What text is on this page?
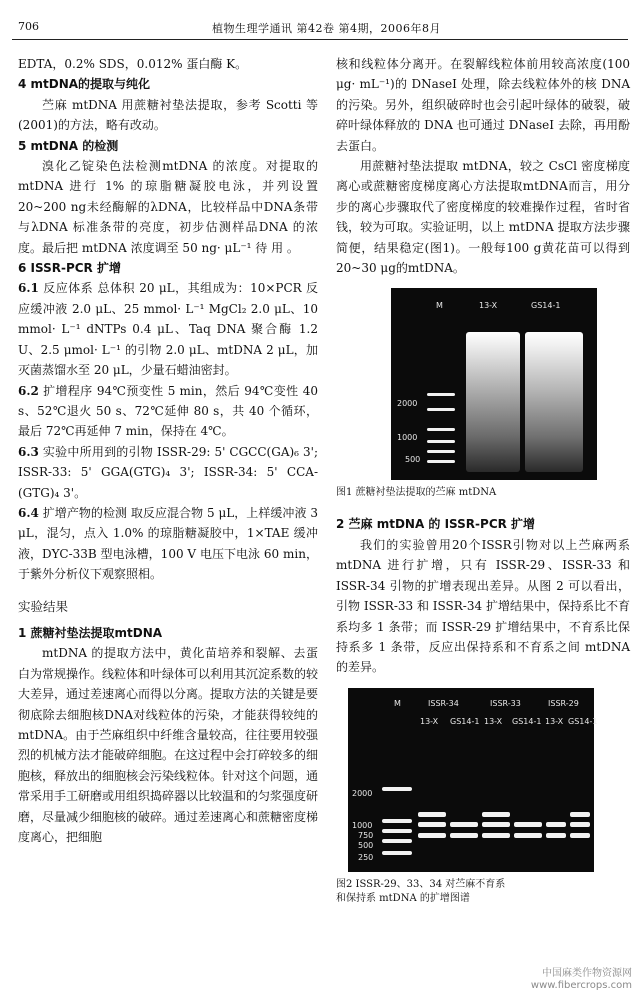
706	植物生理学通讯 第42卷 第4期，2006年8月

EDTA，0.2% SDS，0.012% 蛋白酶 K。

4 mtDNA的提取与纯化

苎麻 mtDNA 用蔗糖衬垫法提取，参考 Scotti 等(2001)的方法，略有改动。

5 mtDNA 的检测

溴化乙锭染色法检测mtDNA 的浓度。对提取的 mtDNA 进行 1% 的琼脂糖凝胶电泳，并列设置20~200 ng未经酶解的λDNA，比较样品中DNA条带与λDNA 标准条带的亮度，初步估测样品DNA 的浓度。最后把 mtDNA 浓度调至 50 ng· μL⁻¹ 待 用 。

6 ISSR-PCR 扩增

6.1 反应体系 总体积 20 μL，其组成为：10×PCR 反应缓冲液 2.0 μL、25 mmol· L⁻¹ MgCl₂ 2.0 μL、10 mmol· L⁻¹ dNTPs 0.4 μL、Taq DNA 聚合酶 1.2 U、2.5 μmol· L⁻¹ 的引物 2.0 μL、mtDNA 2 μL，加灭菌蒸馏水至 20 μL，少量石蜡油密封。

6.2 扩增程序 94℃预变性 5 min，然后 94℃变性 40 s、52℃退火 50 s、72℃延伸 80 s，共 40 个循环，最后 72℃再延伸 7 min，保持在 4℃。

6.3 实验中所用到的引物 ISSR-29: 5' CGCC(GA)₆ 3'; ISSR-33: 5' GGA(GTG)₄ 3'; ISSR-34: 5' CCA-(GTG)₄ 3'。

6.4 扩增产物的检测 取反应混合物 5 μL，上样缓冲液 3 μL，混匀，点入 1.0% 的琼脂糖凝胶中，1×TAE 缓冲液，DYC-33B 型电泳槽，100 V 电压下电泳 60 min，于紫外分析仪下观察照相。

实验结果

1 蔗糖衬垫法提取mtDNA

mtDNA 的提取方法中，黄化苗培养和裂解、去蛋白为常规操作。线粒体和叶绿体可以利用其沉淀系数的较大差异，通过差速离心而得以分离。提取方法的关键是要彻底除去细胞核DNA对线粒体的污染，才能获得较纯的 mtDNA。由于苎麻组织中纤维含量较高，往往要用较强烈的机械方法才能破碎细胞。在这过程中会打碎较多的细胞核，释放出的细胞核会污染线粒体。针对这个问题，通常采用手工研磨或用组织捣碎器以比较温和的匀浆强度研磨，尽量减少细胞核的破碎。通过差速离心和蔗糖密度梯度离心，把细胞

核和线粒体分离开。在裂解线粒体前用较高浓度(100 μg· mL⁻¹)的 DNaseI 处理，除去线粒体外的核 DNA 的污染。另外，组织破碎时也会引起叶绿体的破裂，破碎叶绿体释放的 DNA 也可通过 DNaseI 去除，再用酚去蛋白。

用蔗糖衬垫法提取 mtDNA，较之 CsCl 密度梯度离心或蔗糖密度梯度离心方法提取mtDNA而言，用分步的离心步骤取代了密度梯度的较难操作过程，省时省钱，较为可取。实验证明，以上 mtDNA 提取方法步骤简便，结果稳定(图1)。一般每100 g黄花苗可以得到20~30 μg的mtDNA。

M	13-X	GS14-1
2000
1000
500

图1 蔗糖衬垫法提取的苎麻 mtDNA

2 苎麻 mtDNA 的 ISSR-PCR 扩增

我们的实验曾用20个ISSR引物对以上苎麻两系 mtDNA 进行扩增，只有 ISSR-29、ISSR-33 和 ISSR-34 引物的扩增表现出差异。从图 2 可以看出，引物 ISSR-33 和 ISSR-34 扩增结果中，保持系比不育系均多 1 条带；而 ISSR-29 扩增结果中，不育系比保持系多 1 条带，反应出保持系和不育系之间 mtDNA 的差异。

M	ISSR-34	ISSR-33	ISSR-29
13-X GS14-1 13-X GS14-1 13-X GS14-1
2000
1000
750
500
250

图2 ISSR-29、33、34 对苎麻不育系
和保持系 mtDNA 的扩增图谱

中国麻类作物资源网
www.fibercrops.com
